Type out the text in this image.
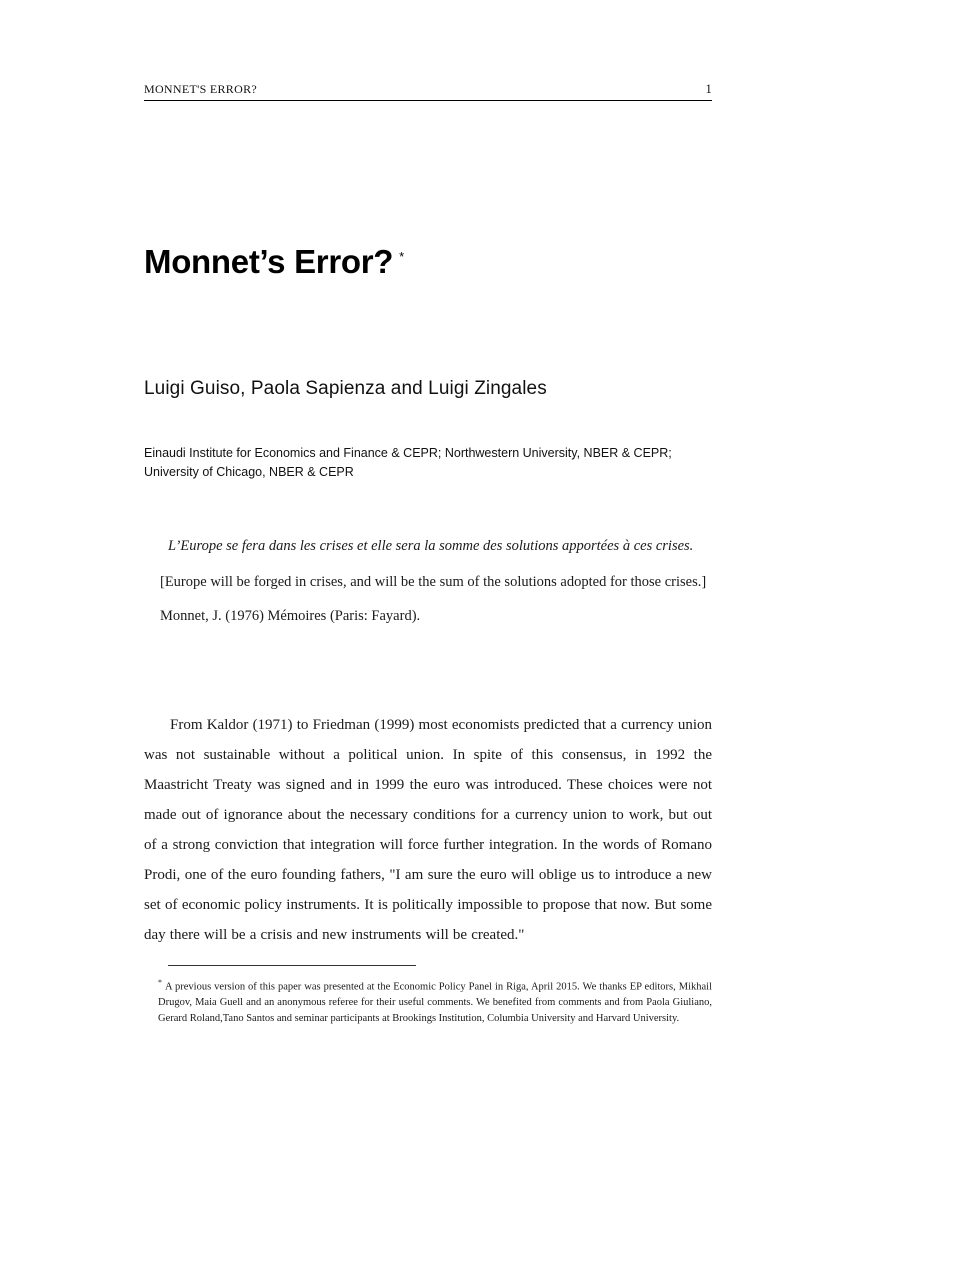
MONNET'S ERROR?	1
Monnet’s Error? *
Luigi Guiso, Paola Sapienza and Luigi Zingales
Einaudi Institute for Economics and Finance & CEPR; Northwestern University, NBER & CEPR; University of Chicago, NBER & CEPR

L’Europe se fera dans les crises et elle sera la somme des solutions apportées à ces crises.

[Europe will be forged in crises, and will be the sum of the solutions adopted for those crises.]

Monnet, J. (1976) Mémoires (Paris: Fayard).

From Kaldor (1971) to Friedman (1999) most economists predicted that a currency union was not sustainable without a political union. In spite of this consensus, in 1992 the Maastricht Treaty was signed and in 1999 the euro was introduced. These choices were not made out of ignorance about the necessary conditions for a currency union to work, but out of a strong conviction that integration will force further integration. In the words of Romano Prodi, one of the euro founding fathers, "I am sure the euro will oblige us to introduce a new set of economic policy instruments. It is politically impossible to propose that now. But some day there will be a crisis and new instruments will be created."

* A previous version of this paper was presented at the Economic Policy Panel in Riga, April 2015. We thanks EP editors, Mikhail Drugov, Maia Guell and an anonymous referee for their useful comments. We benefited from comments and from Paola Giuliano, Gerard Roland,Tano Santos and seminar participants at Brookings Institution, Columbia University and Harvard University.
